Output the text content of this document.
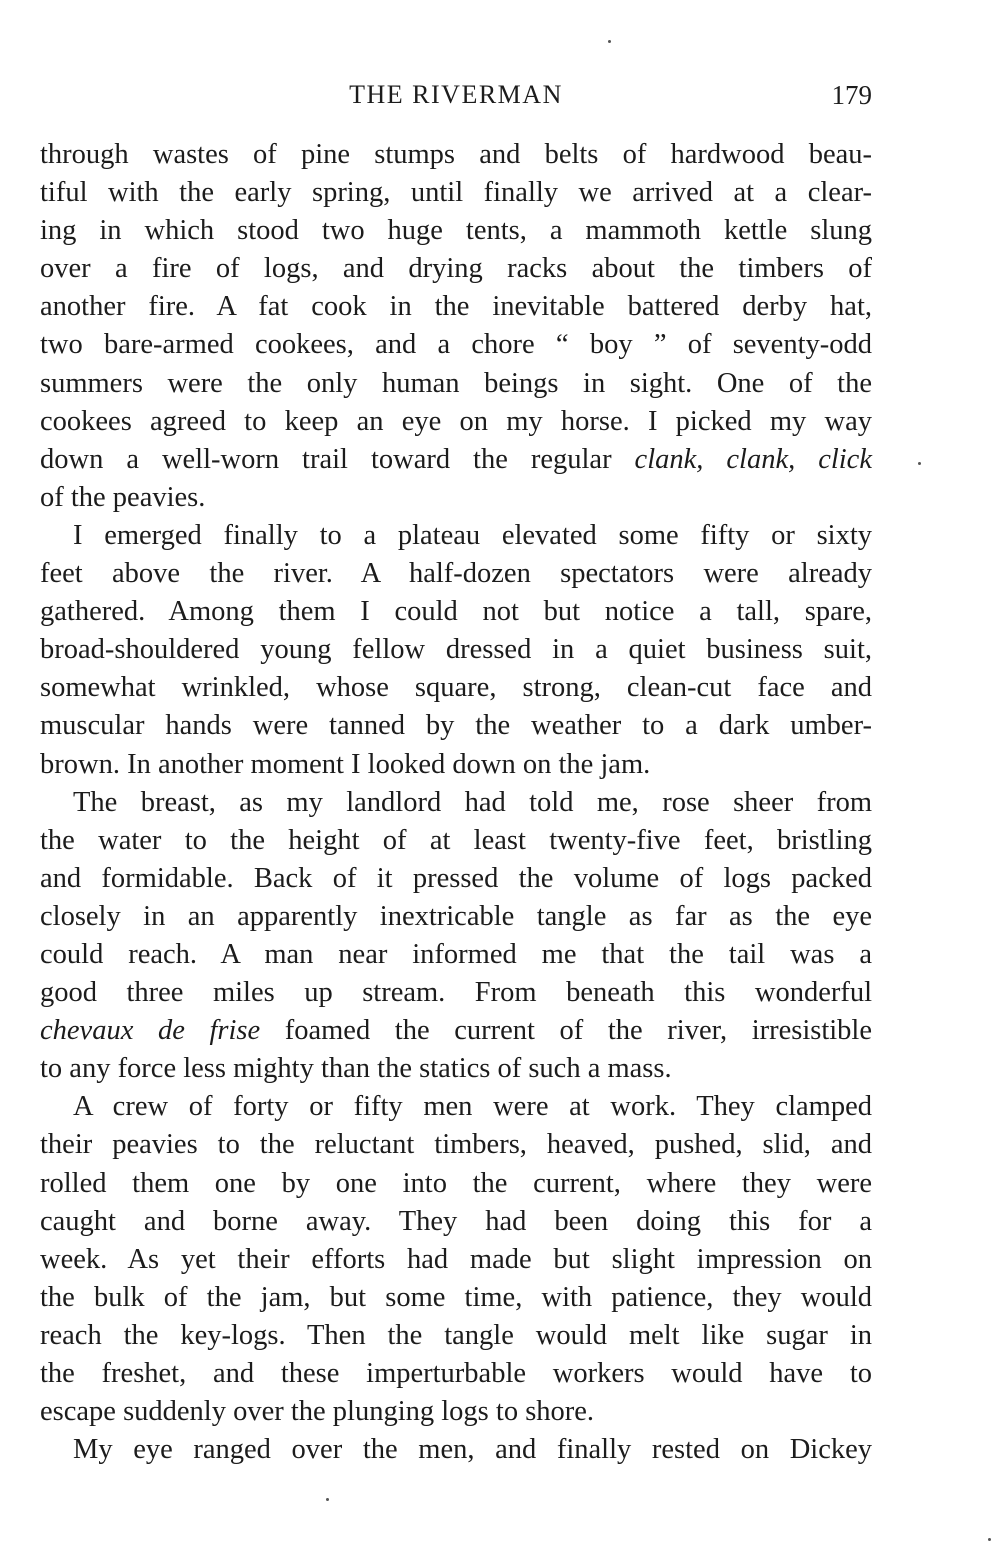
THE RIVERMAN	179

through wastes of pine stumps and belts of hardwood beau-
tiful with the early spring, until finally we arrived at a clear-
ing in which stood two huge tents, a mammoth kettle slung
over a fire of logs, and drying racks about the timbers of
another fire. A fat cook in the inevitable battered derby hat,
two bare-armed cookees, and a chore “ boy ” of seventy-odd
summers were the only human beings in sight. One of the
cookees agreed to keep an eye on my horse. I picked my way
down a well-worn trail toward the regular clank, clank, click
of the peavies.

I emerged finally to a plateau elevated some fifty or sixty
feet above the river. A half-dozen spectators were already
gathered. Among them I could not but notice a tall, spare,
broad-shouldered young fellow dressed in a quiet business suit,
somewhat wrinkled, whose square, strong, clean-cut face and
muscular hands were tanned by the weather to a dark umber-
brown. In another moment I looked down on the jam.

The breast, as my landlord had told me, rose sheer from
the water to the height of at least twenty-five feet, bristling
and formidable. Back of it pressed the volume of logs packed
closely in an apparently inextricable tangle as far as the eye
could reach. A man near informed me that the tail was a
good three miles up stream. From beneath this wonderful
chevaux de frise foamed the current of the river, irresistible
to any force less mighty than the statics of such a mass.

A crew of forty or fifty men were at work. They clamped
their peavies to the reluctant timbers, heaved, pushed, slid, and
rolled them one by one into the current, where they were
caught and borne away. They had been doing this for a
week. As yet their efforts had made but slight impression on
the bulk of the jam, but some time, with patience, they would
reach the key-logs. Then the tangle would melt like sugar in
the freshet, and these imperturbable workers would have to
escape suddenly over the plunging logs to shore.

My eye ranged over the men, and finally rested on Dickey
